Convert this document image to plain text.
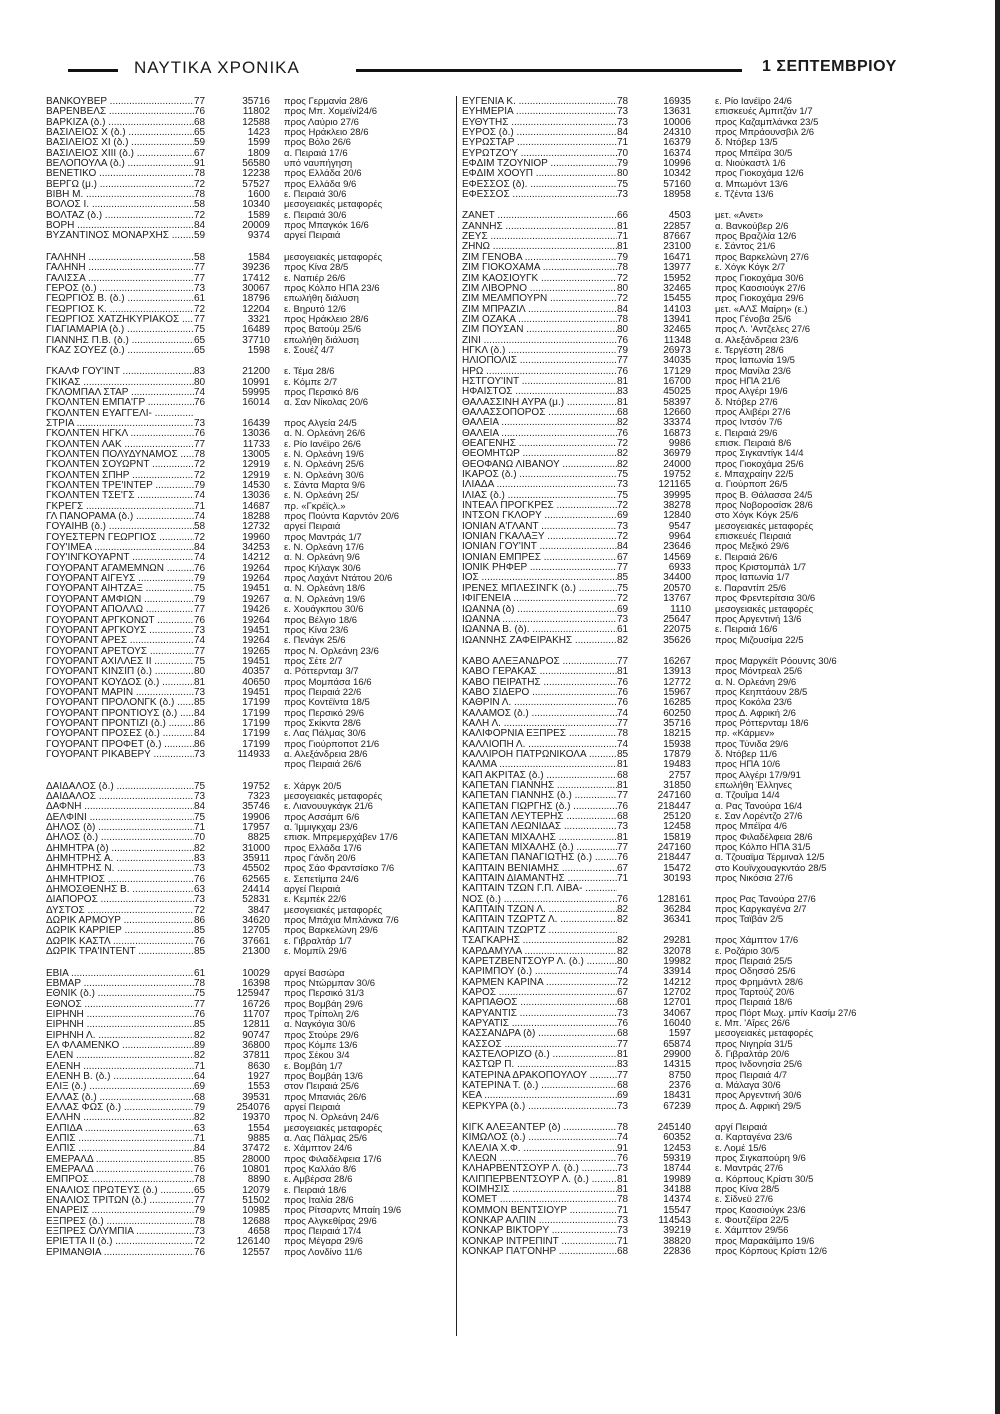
ΝΑΥΤΙΚΑ ΧΡΟΝΙΚΑ	1 ΣΕΠΤΕΜΒΡΙΟΥ
ΒΑΝΚΟΥΒΕΡ .....	77	35716	προς Γερμανία 28/6
ΒΑΡΕΝΒΕΛΣ .....	76	11802	προς Μπ. Χομεϊνί24/6
ΒΑΡΚΙΖΑ (δ.) .....	68	12588	προς Λαύριο 27/6
ΒΑΣΙΛΕΙΟΣ Χ (δ.) .....	65	1423	προς Ηράκλειο 28/6
ΒΑΣΙΛΕΙΟΣ ΧΙ (δ.) .....	59	1599	προς Βόλο 26/6
ΒΑΣΙΛΕΙΟΣ ΧΙΙΙ (δ.) .....	67	1809	α. Πειραιά 17/6
ΒΕΛΟΠΟΥΛΑ (δ.) .....	91	56580	υπό ναυπήγηση
ΒΕΝΕΤΙΚΟ .....	78	12238	προς Ελλάδα 20/6
ΒΕΡΓΩ (μ.) .....	72	57527	προς Ελλάδα 9/6
ΒΙΒΗ Μ. .....	78	1600	ε. Πειραιά 30/6
ΒΟΛΟΣ Ι. .....	58	10340	μεσογειακές μεταφορές
ΒΟΛΤΑΖ (δ.) .....	72	1589	ε. Πειραιά 30/6
ΒΟΡΗ .....	84	20009	προς Μπαγκόκ 16/6
ΒΥΖΑΝΤΙΝΟΣ ΜΟΝΑΡΧΗΣ .....	59	9374	αργεί Πειραιά
ΓΑΛΗΝΗ .....	58	1584	μεσογειακές μεταφορές
ΓΑΛΗΝΗ .....	77	39236	προς Κίνα 28/5
ΓΑΛΙΣΣΑ .....	77	17412	ε. Ναπιέρ 26/6
ΓΕΡΟΣ (δ.) .....	73	30067	προς Κόλπο ΗΠΑ 23/6
ΓΕΩΡΓΙΟΣ Β. (δ.) .....	61	18796	επωλήθη διάλυση
ΓΕΩΡΓΙΟΣ Κ. .....	72	12204	ε. Βηρυτό 12/6
ΓΕΩΡΓΙΟΣ ΧΑΤΖΗΚΥΡΙΑΚΟΣ .....	77	3321	προς Ηράκλειο 28/6
ΓΙΑΓΙΑΜΑΡΙΑ (δ.) .....	75	16489	προς Βατούμ 25/6
ΓΙΑΝΝΗΣ Π.Β. (δ.) .....	65	37710	επωλήθη διάλυση
ΓΚΑΖ ΣΟΥΕΖ (δ.) .....	65	1598	ε. Σουέζ 4/7
ΓΚΑΛΦ ΓΟΥ'ΙΝΤ .....	83	21200	ε. Τέμα 28/6
ΓΚΙΚΑΣ .....	80	10991	ε. Κόμπε 2/7
ΓΚΛΟΜΠΑΛ ΣΤΑΡ .....	74	59995	προς Περσικό 8/6
ΓΚΟΛΝΤΕΝ ΕΜΠΑ'ΓΡ .....	76	16014	α. Σαν Νίκολας 20/6
ΓΚΟΛΝΤΕΝ ΕΥΑΓΓΕΛΙ- .....
ΣΤΡΙΑ .....	73	16439	προς Αλγεία 24/5
ΓΚΟΛΝΤΕΝ ΗΓΚΛ .....	76	13036	α. Ν. Ορλεάνη 26/6
ΓΚΟΛΝΤΕΝ ΛΑΚ .....	77	11733	ε. Ρίο Ιανέϊρο 26/6
ΓΚΟΛΝΤΕΝ ΠΟΛΥΔΥΝΑΜΟΣ .....	78	13005	ε. Ν. Ορλεάνη 19/6
ΓΚΟΛΝΤΕΝ ΣΟΥΩΡΝΤ .....	72	12919	ε. Ν. Ορλεάνη 25/6
ΓΚΟΛΝΤΕΝ ΣΠΗΡ .....	72	12919	ε. Ν. Ορλεάνη 30/6
ΓΚΟΛΝΤΕΝ ΤΡΕ'ΙΝΤΕΡ .....	79	14530	ε. Σάντα Μαρτα 9/6
ΓΚΟΛΝΤΕΝ ΤΣΕ'ΓΣ .....	74	13036	ε. Ν. Ορλεάνη 25/
ΓΚΡΕΓΣ .....	71	14687	πρ. «Γκρέϊςλ.»
ΓΛ ΠΑΝΟΡΑΜΑ (δ.) .....	74	18288	προς Πούντα Καρντόν 20/6
ΓΟΥΑΙΗΒ (δ.) .....	58	12732	αργεί Πειραιά
ΓΟΥΕΣΤΕΡΝ ΓΕΩΡΓΙΟΣ .....	72	19960	προς Μαντράς 1/7
ΓΟΥ'ΙΜΕΑ .....	84	34253	ε. Ν. Ορλεάνη 17/6
ΓΟΥ'ΙΝΓΚΟΥΑΡΝΤ .....	74	14212	α. Ν. Ορλεάνη 9/6
ΓΟΥΟΡΑΝΤ ΑΓΑΜΕΜΝΩΝ .....	76	19264	προς Κήλαγκ 30/6
ΓΟΥΟΡΑΝΤ ΑΙΓΕΥΣ .....	79	19264	προς Λαχάντ Ντάτου 20/6
ΓΟΥΟΡΑΝΤ ΑΙΗΤΖΑΞ .....	75	19451	α. Ν. Ορλεάνη 18/6
ΓΟΥΟΡΑΝΤ ΑΜΦΙΩΝ .....	79	19267	α. Ν. Ορλεάνη 19/6
ΓΟΥΟΡΑΝΤ ΑΠΟΛΛΩ .....	77	19426	ε. Χουάγκπου 30/6
ΓΟΥΟΡΑΝΤ ΑΡΓΚΟΝΩΤ .....	76	19264	προς Βέλγιο 18/6
ΓΟΥΟΡΑΝΤ ΑΡΓΚΟΥΣ .....	73	19451	προς Κίνα 23/6
ΓΟΥΟΡΑΝΤ ΑΡΕΣ .....	74	19264	ε. Πενάγκ 25/6
ΓΟΥΟΡΑΝΤ ΑΡΕΤΟΥΣ .....	77	19265	προς Ν. Ορλεάνη 23/6
ΓΟΥΟΡΑΝΤ ΑΧΙΛΛΕΣ ΙΙ .....	75	19451	προς Σέτε 2/7
ΓΟΥΟΡΑΝΤ ΚΙΝΣΙΠ (δ.) .....	80	40357	α. Ρόττερνταμ 3/7
ΓΟΥΟΡΑΝΤ ΚΟΥΔΟΣ (δ.) .....	81	40650	προς Μομπάσα 16/6
ΓΟΥΟΡΑΝΤ ΜΑΡΙΝ .....	73	19451	προς Πειραιά 22/6
ΓΟΥΟΡΑΝΤ ΠΡΟΛΟΝΓΚ (δ.) .....	85	17199	προς Κοντέϊντα 18/5
ΓΟΥΟΡΑΝΤ ΠΡΟΝΤΙΟΥΣ (δ.) .....	84	17199	προς Περσικό 29/6
ΓΟΥΟΡΑΝΤ ΠΡΟΝΤΙΖΙ (δ.) .....	86	17199	προς Σκίκντα 28/6
ΓΟΥΟΡΑΝΤ ΠΡΟΣΕΣ (δ.) .....	84	17199	ε. Λας Πάλμας 30/6
ΓΟΥΟΡΑΝΤ ΠΡΟΦΕΤ (δ.) .....	86	17199	προς Γιούρποποτ 21/6
ΓΟΥΟΡΑΝΤ ΡΙΚΑΒΕΡΥ .....	73	114933	α. Αλεξάνδρεια 28/6
προς Πειραιά 26/6
ΔΑΙΔΑΛΟΣ (δ.) .....	75	19752	ε. Χάργκ 20/5
ΔΑΙΔΑΛΟΣ .....	73	7323	μεσογειακές μεταφορές
ΔΑΦΝΗ .....	84	35746	ε. Λιανουυγκάγκ 21/6
ΔΕΛΦΙΝΙ .....	75	19906	προς Ασσάμπ 6/6
ΔΗΛΟΣ (δ) .....	71	17957	α. Ίμμιγκχαμ 23/6
ΔΗΛΟΣ (δ.) .....	70	8825	επισκ. Μπρεμερχάβεν 17/6
ΔΗΜΗΤΡΑ (δ) .....	82	31000	προς Ελλάδα 17/6
ΔΗΜΗΤΡΗΣ Α. .....	83	35911	προς Γάνδη 20/6
ΔΗΜΗΤΡΗΣ Ν. .....	73	45502	προς Σάο Φραντσίσκο 7/6
ΔΗΜΗΤΡΙΟΣ .....	76	62565	ε. Σεπετίμπα 24/6
ΔΗΜΟΣΘΕΝΗΣ Β. .....	63	24414	αργεί Πειραιά
ΔΙΑΠΟΡΟΣ .....	73	52831	ε. Κεμπέκ 22/6
ΔΥΣΤΟΣ .....	72	3847	μεσογειακές μεταφορές
ΔΩΡΙΚ ΑΡΜΟΥΡ .....	86	34620	προς Μπάχια Μπλάνκα 7/6
ΔΩΡΙΚ ΚΑΡΡΙΕΡ .....	85	12705	προς Βαρκελώνη 29/6
ΔΩΡΙΚ ΚΑΣΤΛ .....	76	37661	ε. Γιβραλτάρ 1/7
ΔΩΡΙΚ ΤΡΑ'ΙΝΤΕΝΤ .....	85	21300	ε. Μομπίλ 29/6
ΕΒΙΑ .....	61	10029	αργεί Βασώρα
ΕΒΜΑΡ .....	78	16398	προς Ντώρμπαν 30/6
ΕΘΝΙΚ (δ.) .....	75	125947	προς Περσικό 31/3
ΕΘΝΟΣ .....	77	16726	προς Βομβάη 29/6
ΕΙΡΗΝΗ .....	76	11707	προς Τρίπολη 2/6
ΕΙΡΗΝΗ .....	85	12811	α. Ναγκόγια 30/6
ΕΙΡΗΝΗ Λ. .....	82	90747	προς Στούρε 29/6
ΕΛ ΦΛΑΜΕΝΚΟ .....	89	36800	προς Κόμπε 13/6
ΕΛΕΝ .....	82	37811	προς Σέκου 3/4
ΕΛΕΝΗ .....	71	8630	ε. Βομβάη 1/7
ΕΛΕΝΗ Β. (δ.) .....	64	1927	προς Βομβάη 13/6
ΕΛΙΞ (δ.) .....	69	1553	στον Πειραιά 25/6
ΕΛΛΑΣ (δ.) .....	68	39531	προς Μπανιάς 26/6
ΕΛΛΑΣ ΦΩΣ (δ.) .....	79	254076	αργεί Πειραιά
ΕΛΛΗΝ .....	82	19370	προς Ν. Ορλεάνη 24/6
ΕΛΠΙΔΑ .....	63	1554	μεσογειακές μεταφορές
ΕΛΠΙΣ .....	71	9885	α. Λας Πάλμας 25/6
ΕΛΠΙΣ .....	84	37472	ε. Χάμπτον 24/6
ΕΜΕΡΑΛΔ .....	85	28000	προς Φιλαδέλφεια 17/6
ΕΜΕΡΑΛΔ .....	76	10801	προς Καλλάο 8/6
ΕΜΠΡΟΣ .....	78	8890	ε. Αμβέρσα 28/6
ΕΝΑΛΙΟΣ ΠΡΩΤΕΥΣ (δ.) .....	65	12079	ε. Πειραιά 18/6
ΕΝΑΛΙΟΣ ΤΡΙΤΩΝ (δ.) .....	77	51502	προς Ιταλία 28/6
ΕΝΑΡΕΙΣ .....	79	10985	προς Ρίτσαρντς Μπαίη 19/6
ΕΞΠΡΕΣ (δ.) .....	78	12688	προς Αλγκεθίρας 29/6
ΕΞΠΡΕΣ ΟΛΥΜΠΙΑ .....	73	4658	προς Πειραιά 17/4
ΕΡΙΕΤΤΑ ΙΙ (δ.) .....	72	126140	προς Μέγαρα 29/6
ΕΡΙΜΑΝΘΙΑ .....	76	12557	προς Λονδίνο 11/6
ΕΥΓΕΝΙΑ Κ. .....	78	16935	ε. Ρίο Ιανέϊρο 24/6
ΕΥΗΜΕΡΙΑ .....	73	13631	επισκευές Αμπιτζάν 1/7
ΕΥΘΥΤΗΣ .....	73	10006	προς Καζαμπλάνκα 23/5
ΕΥΡΟΣ (δ.) .....	84	24310	προς Μπράουνσβιλ 2/6
ΕΥΡΩΣΤΑΡ .....	71	16379	δ. Ντόβερ 13/5
ΕΥΡΩΤΖΟ'Υ .....	70	16374	προς Μπέϊρα 30/5
ΕΦΔΙΜ ΤΖΟΥΝΙΟΡ .....	79	10996	α. Νιούκαστλ 1/6
ΕΦΔΙΜ ΧΟΟΥΠ .....	80	10342	προς Γιοκοχάμα 12/6
ΕΦΕΣΣΟΣ (δ). .....	75	57160	α. Μπωμόντ 13/6
ΕΦΕΣΣΟΣ .....	73	18958	ε. Τζέντα 13/6
ΖΑΝΕΤ .....	66	4503	μετ. «Ανετ»
ΖΑΝΝΗΣ .....	81	22857	α. Βανκούβερ 2/6
ΖΕΥΣ .....	71	87667	προς Βραζιλία 12/6
ΖΗΝΩ .....	81	23100	ε. Σάντος 21/6
ΖΙΜ ΓΕΝΟΒΑ .....	79	16471	προς Βαρκελώνη 27/6
ΖΙΜ ΓΙΟΚΟΧΑΜΑ .....	78	13977	ε. Χόγκ Κόγκ 2/7
ΖΙΜ ΚΑΟΣΙΟΥΓΚ .....	72	15952	προς Γιοκοχάμα 30/6
ΖΙΜ ΛΙΒΟΡΝΟ .....	80	32465	προς Καοσιούγκ 27/6
ΖΙΜ ΜΕΛΜΠΟΥΡΝ .....	72	15455	προς Γιοκοχάμα 29/6
ΖΙΜ ΜΠΡΑΖΙΛ .....	84	14103	μετ. «ΑΛΣ Μαίρη» (ε.)
ΖΙΜ ΟΖΑΚΑ .....	78	13941	προς Γένοβα 25/6
ΖΙΜ ΠΟΥΣΑΝ .....	80	32465	προς Λ. 'Αντζελες 27/6
ΖΙΝΙ .....	76	11348	α. Αλεξάνδρεια 23/6
ΗΓΚΛ (δ.) .....	79	26973	ε. Τεργέστη 28/6
ΗΛΙΟΠΟΛΙΣ .....	77	34035	προς Ιαπωνία 19/5
ΗΡΩ .....	76	17129	προς Μανίλα 23/6
ΗΣΤΓΟΥ'ΙΝΤ .....	81	16700	προς ΗΠΑ 21/6
ΗΦΑΙΣΤΟΣ .....	83	45025	προς Αλγέρι 19/6
ΘΑΛΑΣΣΙΝΗ ΑΥΡΑ (μ.) .....	81	58397	δ. Ντόβερ 27/6
ΘΑΛΑΣΣΟΠΟΡΟΣ .....	68	12660	προς Αλιβέρι 27/6
ΘΑΛΕΙΑ .....	82	33374	προς Ιντσόν 7/6
ΘΑΛΕΙΑ .....	76	16873	ε. Πειραιά 29/6
ΘΕΑΓΕΝΗΣ .....	72	9986	επισκ. Πειραιά 8/6
ΘΕΟΜΗΤΩΡ .....	82	36979	προς Σιγκαντίγκ 14/4
ΘΕΟΦΑΝΩ ΛΙΒΑΝΟΥ .....	82	24000	προς Γιοκοχάμα 25/6
ΙΚΑΡΟΣ (δ.) .....	75	19752	ε. Μπαχραίην 22/5
ΙΛΙΑΔΑ .....	73	121165	α. Γιούρποπ 26/5
ΙΛΙΑΣ (δ.) .....	75	39995	προς Β. Θάλασσα 24/5
ΙΝΤΕΑΛ ΠΡΟΓΚΡΕΣ .....	72	38278	προς Νοβοροσίσκ 28/6
ΙΝΤΣΟΝ ΓΚΛΟΡΥ .....	69	12840	στο Χόγκ Κόγκ 25/6
ΙΟΝΙΑΝ Α'ΓΛΑΝΤ .....	73	9547	μεσογειακές μεταφορές
ΙΟΝΙΑΝ ΓΚΑΛΑΞΥ .....	72	9964	επισκευές Πειραιά
ΙΟΝΙΑΝ ΓΟΥ'ΙΝΤ .....	84	23646	προς Μεξικό 29/6
ΙΟΝΙΑΝ ΕΜΠΡΕΣ .....	67	14569	ε. Πειραιά 26/6
ΙΟΝΙΚ ΡΗΦΕΡ .....	77	6933	προς Κριστομπάλ 1/7
ΙΟΣ .....	85	34400	προς Ιαπωνία 1/7
ΙΡΕΝΕΣ ΜΠΛΕΣΙΝΓΚ (δ.) .....	75	20570	ε. Παραντίπ 25/6
ΙΦΙΓΕΝΕΙΑ .....	72	13767	προς Φρεντερίτσια 30/6
ΙΩΑΝΝΑ (δ) .....	69	1110	μεσογειακές μεταφορές
ΙΩΑΝΝΑ .....	73	25647	προς Αργεντινή 13/6
ΙΩΑΝΝΑ Β. (δ). .....	61	22075	ε. Πειραιά 16/6
ΙΩΑΝΝΗΣ ΖΑΦΕΙΡΑΚΗΣ .....	82	35626	προς Μιζουσίμα 22/5
ΚΑΒΟ ΑΛΕΞΑΝΔΡΟΣ .....	77	16267	προς Μαργκέϊτ Ρόουντς 30/6
ΚΑΒΟ ΓΕΡΑΚΑΣ .....	81	13913	προς Μόντρεαλ 25/6
ΚΑΒΟ ΠΕΙΡΑΤΗΣ .....	76	12772	α. Ν. Ορλεάνη 29/6
ΚΑΒΟ ΣΙΔΕΡΟ .....	76	15967	προς Κεηπτάουν 28/5
ΚΑΘΡΙΝ Λ. .....	76	16285	προς Κοκόλα 23/6
ΚΑΛΑΜΟΣ (δ.) .....	74	60250	προς Δ. Αφρική 2/6
ΚΑΛΗ Λ. .....	77	35716	προς Ρόττερνταμ 18/6
ΚΑΛΙΦΟΡΝΙΑ ΕΞΠΡΕΣ .....	78	18215	πρ. «Κάρμεν»
ΚΑΛΛΙΟΠΗ Λ. .....	74	15938	προς Τύνιδα 29/6
ΚΑΛΛΙΡΟΗ ΠΑΤΡΩΝΙΚΟΛΑ .....	85	17879	δ. Ντόβερ 11/6
ΚΑΛΜΑ .....	81	19483	προς ΗΠΑ 10/6
ΚΑΠ ΑΚΡΙΤΑΣ (δ.) .....	68	2757	προς Αλγέρι 17/9/91
ΚΑΠΕΤΑΝ ΓΙΑΝΝΗΣ .....	81	31850	επωλήθη Έλληνες
ΚΑΠΕΤΑΝ ΓΙΑΝΝΗΣ (δ.) .....	77	247160	α. Τζουΐμα 14/4
ΚΑΠΕΤΑΝ ΓΙΩΡΓΗΣ (δ.) .....	76	218447	α. Ρας Τανούρα 16/4
ΚΑΠΕΤΑΝ ΛΕΥΤΕΡΗΣ .....	68	25120	ε. Σαν Λορέντζο 27/6
ΚΑΠΕΤΑΝ ΛΕΩΝΙΔΑΣ .....	73	12458	προς Μπέϊρα 4/6
ΚΑΠΕΤΑΝ ΜΙΧΑΛΗΣ .....	81	15819	προς Φιλαδέλφεια 28/6
ΚΑΠΕΤΑΝ ΜΙΧΑΛΗΣ (δ.) .....	77	247160	προς Κόλπο ΗΠΑ 31/5
ΚΑΠΕΤΑΝ ΠΑΝΑΓΙΩΤΗΣ (δ.) .....	76	218447	α. Τζουαϊμα Τέρμιναλ 12/5
ΚΑΠΤΑΙΝ ΒΕΝΙΑΜΗΣ .....	67	15472	στο Κουϊνχουαγκντάο 28/5
ΚΑΠΤΑΙΝ ΔΙΑΜΑΝΤΗΣ .....	71	30193	προς Νικόσια 27/6
ΚΑΠΤΑΙΝ ΤΖΩΝ Γ.Π. ΛΙΒΑ- .....
ΝΟΣ (δ.) .....	76	128161	προς Ρας Τανούρα 27/6
ΚΑΠΤΑΙΝ ΤΖΩΝ Λ. .....	82	36284	προς Καργκαγένα 2/7
ΚΑΠΤΑΙΝ ΤΖΩΡΤΖ Λ. .....	82	36341	προς Ταϊβάν 2/5
ΚΑΠΤΑΙΝ ΤΖΩΡΤΖ .....
ΤΣΑΓΚΑΡΗΣ .....	82	29281	προς Χάμπτον 17/6
ΚΑΡΔΑΜΥΛΑ .....	82	32078	ε. Ροζάριο 30/5
ΚΑΡΕΤΖΒΕΝΤΣΟΥΡ Λ. (δ.) .....	80	19982	προς Πειραιά 25/5
ΚΑΡΙΜΠΟΥ (δ.) .....	74	33914	προς Οδησσό 25/6
ΚΑΡΜΕΝ ΚΑΡΙΝΑ .....	72	14212	προς Φρημάντλ 28/6
ΚΑΡΟΣ .....	67	12702	προς Ταρτούζ 20/6
ΚΑΡΠΑΘΟΣ .....	68	12701	προς Πειραιά 18/6
ΚΑΡΥΑΝΤΙΣ .....	73	34067	προς Πόρτ Μωχ. μπίν Κασίμ 27/6
ΚΑΡΥΑΤΙΣ .....	76	16040	ε. Μπ. 'Αΐρες 26/6
ΚΑΣΣΑΝΔΡΑ (δ) .....	68	1597	μεσογειακές μεταφορές
ΚΑΣΣΟΣ .....	77	65874	προς Νιγηρία 31/5
ΚΑΣΤΕΛΟΡΙΖΟ (δ.) .....	81	29900	δ. Γιβραλτάρ 20/6
ΚΑΣΤΩΡ Π. .....	83	14315	προς Ινδονησία 25/6
ΚΑΤΕΡΙΝΑ ΔΡΑΚΟΠΟΥΛΟΥ .....	77	8750	προς Πειραιά 4/7
ΚΑΤΕΡΙΝΑ Τ. (δ.) .....	68	2376	α. Μάλαγα 30/6
ΚΕΑ .....	69	18431	προς Αργεντινή 30/6
ΚΕΡΚΥΡΑ (δ.) .....	73	67239	προς Δ. Αφρική 29/5
ΚΙΓΚ ΑΛΕΞΑΝΤΕΡ (δ) .....	78	245140	αργί Πειραιά
ΚΙΜΩΛΟΣ (δ.) .....	74	60352	α. Καρταγένα 23/6
ΚΛΕΛΙΑ Χ.Φ. .....	91	12453	ε. Λομέ 15/6
ΚΛΕΩΝ .....	76	59319	προς Σιγκαπούρη 9/6
ΚΛΗΑΡΒΕΝΤΣΟΥΡ Λ. (δ.) .....	73	18744	ε. Μαντράς 27/6
ΚΛΙΠΠΕΡΒΕΝΤΣΟΥΡ Λ. (δ.) .....	81	19989	α. Κόρπους Κρίστι 30/5
ΚΟΙΜΗΣΙΣ .....	81	34188	προς Κίνα 28/5
ΚΟΜΕΤ .....	78	14374	ε. Σίδνεϋ 27/6
ΚΟΜΜΟΝ ΒΕΝΤΣΙΟΥΡ .....	71	15547	προς Καοσιούγκ 23/6
ΚΟΝΚΑΡ ΑΛΠΙΝ .....	73	114543	ε. Φουτζέϊρα 22/5
ΚΟΝΚΑΡ ΒΙΚΤΟΡΥ .....	73	39219	ε. Χάμπτον 29/56
ΚΟΝΚΑΡ ΙΝΤΡΕΠΙΝΤ .....	71	38820	προς Μαρακάϊμπο 19/6
ΚΟΝΚΑΡ ΠΑ'ΓΟΝΗΡ .....	68	22836	προς Κόρπους Κρίστι 12/6
